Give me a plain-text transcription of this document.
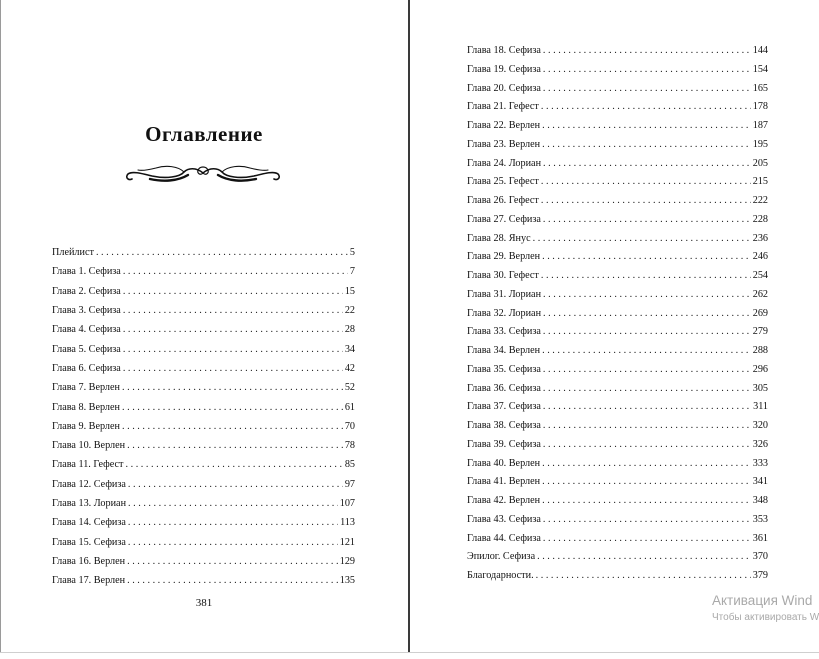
Оглавление
Плейлист . . .	5
Глава 1. Сефиза . . .	7
Глава 2. Сефиза . . .	15
Глава 3. Сефиза . . .	22
Глава 4. Сефиза . . .	28
Глава 5. Сефиза . . .	34
Глава 6. Сефиза . . .	42
Глава 7. Верлен . . .	52
Глава 8. Верлен . . .	61
Глава 9. Верлен . . .	70
Глава 10. Верлен . . .	78
Глава 11. Гефест . . .	85
Глава 12. Сефиза . . .	97
Глава 13. Лориан . . .	107
Глава 14. Сефиза . . .	113
Глава 15. Сефиза . . .	121
Глава 16. Верлен . . .	129
Глава 17. Верлен . . .	135
381
Глава 18. Сефиза . . .	144
Глава 19. Сефиза . . .	154
Глава 20. Сефиза . . .	165
Глава 21. Гефест . . .	178
Глава 22. Верлен . . .	187
Глава 23. Верлен . . .	195
Глава 24. Лориан . . .	205
Глава 25. Гефест . . .	215
Глава 26. Гефест . . .	222
Глава 27. Сефиза . . .	228
Глава 28. Янус . . .	236
Глава 29. Верлен . . .	246
Глава 30. Гефест . . .	254
Глава 31. Лориан . . .	262
Глава 32. Лориан . . .	269
Глава 33. Сефиза . . .	279
Глава 34. Верлен . . .	288
Глава 35. Сефиза . . .	296
Глава 36. Сефиза . . .	305
Глава 37. Сефиза . . .	311
Глава 38. Сефиза . . .	320
Глава 39. Сефиза . . .	326
Глава 40. Верлен . . .	333
Глава 41. Верлен . . .	341
Глава 42. Верлен . . .	348
Глава 43. Сефиза . . .	353
Глава 44. Сефиза . . .	361
Эпилог. Сефиза . . .	370
Благодарности. . . .	379
Активация Wind
Чтобы активировать W
